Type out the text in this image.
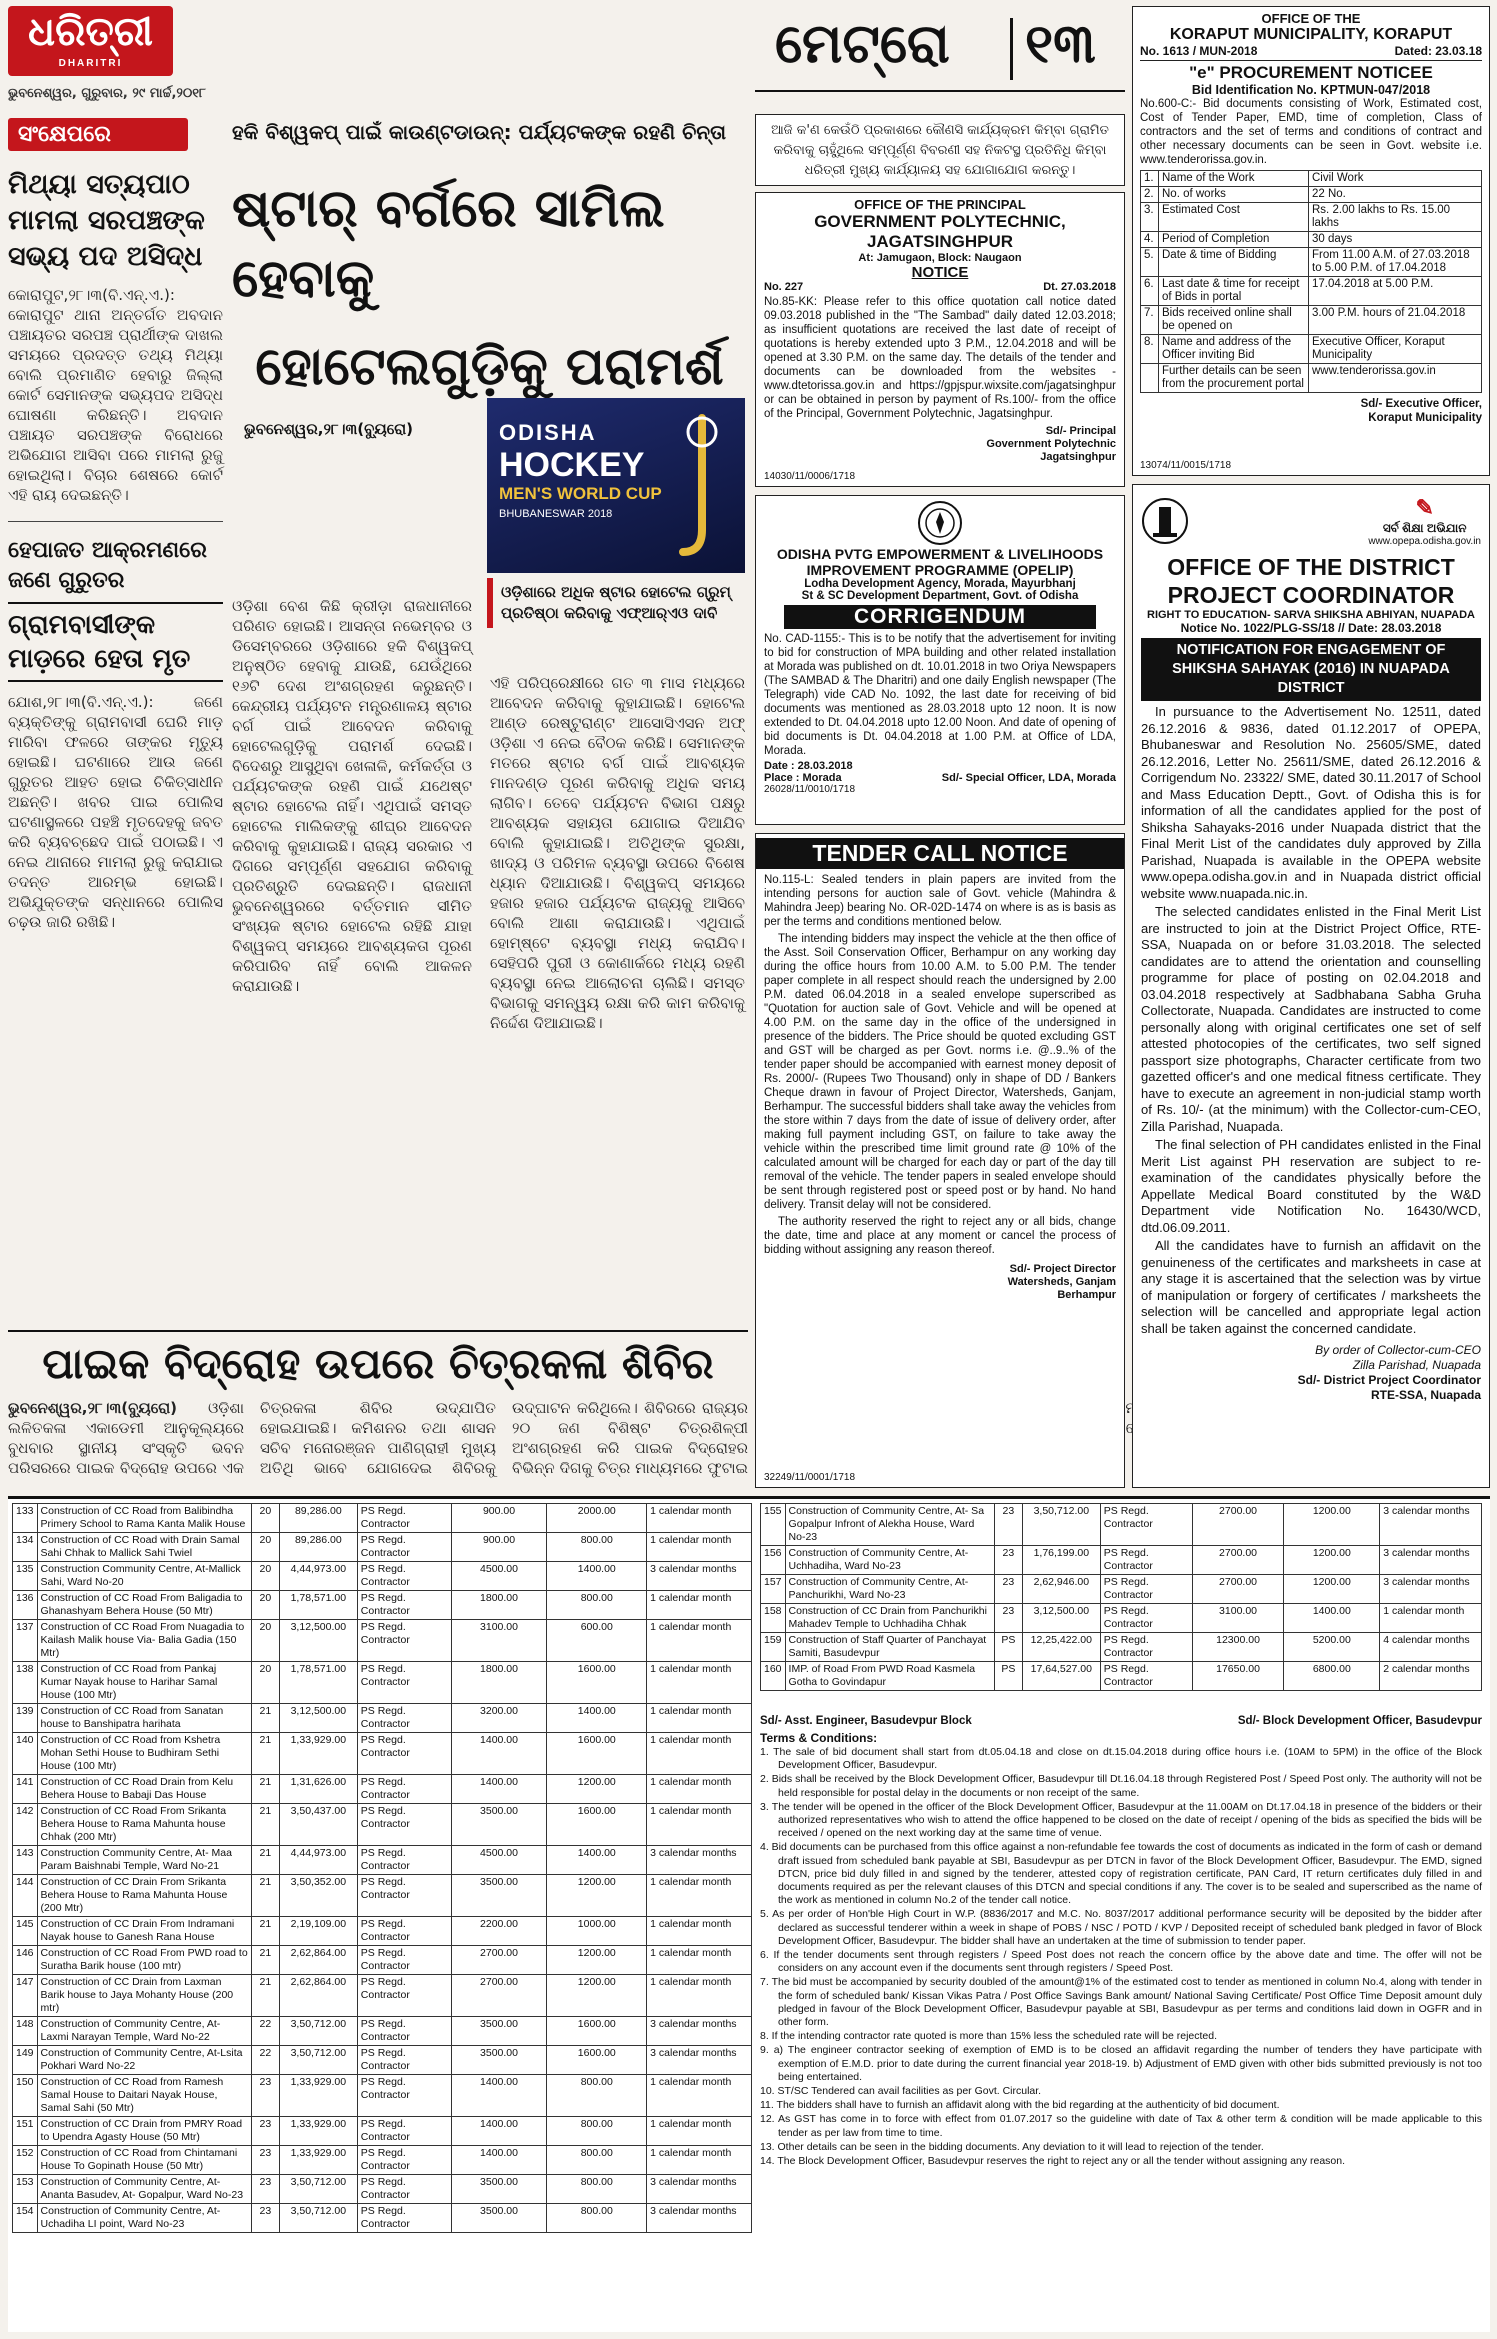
ଧରିତ୍ରୀ
DHARITRI
ଭୁବନେଶ୍ୱର, ଗୁରୁବାର, ୨୯ ମାର୍ଚ୍ଚ,୨୦୧୮
ମେଟ୍ରୋ ୧୩
ଆଜି କ'ଣ କେଉଁଠି ପ୍ରକାଶରେ କୌଣସି କାର୍ଯ୍ୟକ୍ରମ କିମ୍ବା ଗ୍ରାମିତ କରିବାକୁ ଚାହୁଁଥିଲେ ସମ୍ପୂର୍ଣ୍ଣ ବିବରଣୀ ସହ ନିକଟସ୍ଥ ପ୍ରତିନିଧି କିମ୍ବା ଧରିତ୍ରୀ ମୁଖ୍ୟ କାର୍ଯ୍ୟାଳୟ ସହ ଯୋଗାଯୋଗ କରନ୍ତୁ।
ସଂକ୍ଷେପରେ
ମିଥ୍ୟା ସତ୍ୟପାଠ ମାମଲା ସରପଞ୍ଚଙ୍କ ସଭ୍ୟ ପଦ ଅସିଦ୍ଧ
କୋରାପୁଟ,୨୮।୩(ବି.ଏନ୍.ଏ.): କୋରାପୁଟ ଥାନା ଅନ୍ତର୍ଗତ ଅବଦାନ ପଞ୍ଚାୟତର ସରପଞ୍ଚ ପ୍ରାର୍ଥୀଙ୍କ ଦାଖଲ ସମୟରେ ପ୍ରଦତ୍ତ ତଥ୍ୟ ମିଥ୍ୟା ବୋଲି ପ୍ରମାଣିତ ହେବାରୁ ଜିଲ୍ଲା କୋର୍ଟ ସେମାନଙ୍କ ସଭ୍ୟପଦ ଅସିଦ୍ଧ ଘୋଷଣା କରିଛନ୍ତି। ଅବଦାନ ପଞ୍ଚାୟତ ସରପଞ୍ଚଙ୍କ ବିରୋଧରେ ଅଭିଯୋଗ ଆସିବା ପରେ ମାମଲା ରୁଜୁ ହୋଇଥିଲା। ବିଚାର ଶେଷରେ କୋର୍ଟ ଏହି ରାୟ ଦେଇଛନ୍ତି।
ହେପାଜତ ଆକ୍ରମଣରେ ଜଣେ ଗୁରୁତର
ଗ୍ରାମବାସୀଙ୍କ ମାଡ଼ରେ ହେତା ମୃତ
ଯୋଶ,୨୮।୩(ବି.ଏନ୍.ଏ.): ଜଣେ ବ୍ୟକ୍ତିଙ୍କୁ ଗ୍ରାମବାସୀ ଘେରି ମାଡ଼ ମାରିବା ଫଳରେ ତାଙ୍କର ମୃତ୍ୟୁ ହୋଇଛି। ଘଟଣାରେ ଆଉ ଜଣେ ଗୁରୁତର ଆହତ ହୋଇ ଚିକିତ୍ସାଧୀନ ଅଛନ୍ତି। ଖବର ପାଇ ପୋଲିସ ଘଟଣାସ୍ଥଳରେ ପହଞ୍ଚି ମୃତଦେହକୁ ଜବତ କରି ବ୍ୟବଚ୍ଛେଦ ପାଇଁ ପଠାଇଛି। ଏ ନେଇ ଥାନାରେ ମାମଲା ରୁଜୁ କରାଯାଇ ତଦନ୍ତ ଆରମ୍ଭ ହୋଇଛି। ଅଭିଯୁକ୍ତଙ୍କ ସନ୍ଧାନରେ ପୋଲିସ ଚଢ଼ଉ ଜାରି ରଖିଛି।
ହକି ବିଶ୍ୱକପ୍ ପାଇଁ କାଉଣ୍ଟଡାଉନ୍: ପର୍ଯ୍ୟଟକଙ୍କ ରହଣି ଚିନ୍ତା
ଷ୍ଟାର୍ ବର୍ଗରେ ସାମିଲ ହେବାକୁ
ହୋଟେଲଗୁଡ଼ିକୁ ପରାମର୍ଶ
ଭୁବନେଶ୍ୱର,୨୮।୩(ବ୍ୟୁରୋ)
ଓଡ଼ିଶା ବେଶ କିଛି କ୍ରୀଡ଼ା ରାଜଧାନୀରେ ପରିଣତ ହୋଇଛି। ଆସନ୍ତା ନଭେମ୍ବର ଓ ଡିସେମ୍ବରରେ ଓଡ଼ିଶାରେ ହକି ବିଶ୍ୱକପ୍ ଅନୁଷ୍ଠିତ ହେବାକୁ ଯାଉଛି, ଯେଉଁଥିରେ ୧୬ଟି ଦେଶ ଅଂଶଗ୍ରହଣ କରୁଛନ୍ତି। କେନ୍ଦ୍ରୀୟ ପର୍ଯ୍ୟଟନ ମନ୍ତ୍ରଣାଳୟ ଷ୍ଟାର ବର୍ଗ ପାଇଁ ଆବେଦନ କରିବାକୁ ହୋଟେଲଗୁଡ଼ିକୁ ପରାମର୍ଶ ଦେଇଛି। ବିଦେଶରୁ ଆସୁଥିବା ଖେଳାଳି, କର୍ମକର୍ତ୍ତା ଓ ପର୍ଯ୍ୟଟକଙ୍କ ରହଣି ପାଇଁ ଯଥେଷ୍ଟ ଷ୍ଟାର ହୋଟେଲ ନାହିଁ। ଏଥିପାଇଁ ସମସ୍ତ ହୋଟେଲ ମାଲିକଙ୍କୁ ଶୀଘ୍ର ଆବେଦନ କରିବାକୁ କୁହାଯାଇଛି। ରାଜ୍ୟ ସରକାର ଏ ଦିଗରେ ସମ୍ପୂର୍ଣ୍ଣ ସହଯୋଗ କରିବାକୁ ପ୍ରତିଶ୍ରୁତି ଦେଇଛନ୍ତି। ରାଜଧାନୀ ଭୁବନେଶ୍ୱରରେ ବର୍ତ୍ତମାନ ସୀମିତ ସଂଖ୍ୟକ ଷ୍ଟାର ହୋଟେଲ ରହିଛି ଯାହା ବିଶ୍ୱକପ୍ ସମୟରେ ଆବଶ୍ୟକତା ପୂରଣ କରିପାରିବ ନାହିଁ ବୋଲି ଆକଳନ କରାଯାଉଛି।
ODISHA
HOCKEY
MEN'S WORLD CUP
BHUBANESWAR 2018
ଓଡ଼ିଶାରେ ଅଧିକ ଷ୍ଟାର ହୋଟେଲ ଗ୍ରୁମ୍ ପ୍ରତିଷ୍ଠା କରିବାକୁ ଏଫ୍‌ଆର୍‌ଏଓ ଦାବି
ଏହି ପରିପ୍ରେକ୍ଷୀରେ ଗତ ୩ ମାସ ମଧ୍ୟରେ ଆବେଦନ କରିବାକୁ କୁହାଯାଇଛି। ହୋଟେଲ ଆଣ୍ଡ ରେଷ୍ଟୁରାଣ୍ଟ ଆସୋସିଏସନ ଅଫ୍ ଓଡ଼ିଶା ଏ ନେଇ ବୈଠକ କରିଛି। ସେମାନଙ୍କ ମତରେ ଷ୍ଟାର ବର୍ଗ ପାଇଁ ଆବଶ୍ୟକ ମାନଦଣ୍ଡ ପୂରଣ କରିବାକୁ ଅଧିକ ସମୟ ଲାଗିବ। ତେବେ ପର୍ଯ୍ୟଟନ ବିଭାଗ ପକ୍ଷରୁ ଆବଶ୍ୟକ ସହାୟତା ଯୋଗାଇ ଦିଆଯିବ ବୋଲି କୁହାଯାଇଛି। ଅତିଥିଙ୍କ ସୁରକ୍ଷା, ଖାଦ୍ୟ ଓ ପରିମଳ ବ୍ୟବସ୍ଥା ଉପରେ ବିଶେଷ ଧ୍ୟାନ ଦିଆଯାଉଛି। ବିଶ୍ୱକପ୍ ସମୟରେ ହଜାର ହଜାର ପର୍ଯ୍ୟଟକ ରାଜ୍ୟକୁ ଆସିବେ ବୋଲି ଆଶା କରାଯାଉଛି। ଏଥିପାଇଁ ହୋମ୍‌ଷ୍ଟେ ବ୍ୟବସ୍ଥା ମଧ୍ୟ କରାଯିବ। ସେହିପରି ପୁରୀ ଓ କୋଣାର୍କରେ ମଧ୍ୟ ରହଣି ବ୍ୟବସ୍ଥା ନେଇ ଆଲୋଚନା ଚାଲିଛି। ସମସ୍ତ ବିଭାଗକୁ ସମନ୍ୱୟ ରକ୍ଷା କରି କାମ କରିବାକୁ ନିର୍ଦ୍ଦେଶ ଦିଆଯାଇଛି।
ପାଇକ ବିଦ୍ରୋହ ଉପରେ ଚିତ୍ରକଳା ଶିବିର
ଭୁବନେଶ୍ୱର,୨୮।୩(ବ୍ୟୁରୋ) ଓଡ଼ିଶା ଲଳିତକଳା ଏକାଡେମୀ ଆନୁକୂଲ୍ୟରେ ବୁଧବାର ସ୍ଥାନୀୟ ସଂସ୍କୃତି ଭବନ ପରିସରରେ ପାଇକ ବିଦ୍ରୋହ ଉପରେ ଏକ ଚିତ୍ରକଳା ଶିବିର ଉଦ୍‌ଯାପିତ ହୋଇଯାଇଛି। କମିଶନର ତଥା ଶାସନ ସଚିବ ମନୋରଞ୍ଜନ ପାଣିଗ୍ରାହୀ ମୁଖ୍ୟ ଅତିଥି ଭାବେ ଯୋଗଦେଇ ଶିବିରକୁ ଉଦ୍‌ଘାଟନ କରିଥିଲେ। ଶିବିରରେ ରାଜ୍ୟର ୨୦ ଜଣ ବିଶିଷ୍ଟ ଚିତ୍ରଶିଳ୍ପୀ ଅଂଶଗ୍ରହଣ କରି ପାଇକ ବିଦ୍ରୋହର ବିଭିନ୍ନ ଦିଗକୁ ଚିତ୍ର ମାଧ୍ୟମରେ ଫୁଟାଇ
OFFICE OF THE PRINCIPAL
GOVERNMENT POLYTECHNIC,
JAGATSINGHPUR
At: Jamugaon, Block: Naugaon
NOTICE
No. 227	Dt. 27.03.2018
No.85-KK: Please refer to this office quotation call notice dated 09.03.2018 published in the "The Sambad" daily dated 12.03.2018; as insufficient quotations are received the last date of receipt of quotations is hereby extended upto 3 P.M., 12.04.2018 and will be opened at 3.30 P.M. on the same day. The details of the tender and documents can be downloaded from the websites - www.dtetorissa.gov.in and https://gpjspur.wixsite.com/jagatsinghpur or can be obtained in person by payment of Rs.100/- from the office of the Principal, Government Polytechnic, Jagatsinghpur.
Sd/- Principal
Government Polytechnic
Jagatsinghpur
14030/11/0006/1718
ODISHA PVTG EMPOWERMENT & LIVELIHOODS
IMPROVEMENT PROGRAMME (OPELIP)
Lodha Development Agency, Morada, Mayurbhanj
St & SC Development Department, Govt. of Odisha
CORRIGENDUM
No. CAD-1155:- This is to be notify that the advertisement for inviting to bid for construction of MPA building and other related installation at Morada was published on dt. 10.01.2018 in two Oriya Newspapers (The SAMBAD & The Dharitri) and one daily English newspaper (The Telegraph) vide CAD No. 1092, the last date for receiving of bid documents was mentioned as 28.03.2018 upto 12 noon. It is now extended to Dt. 04.04.2018 upto 12.00 Noon. And date of opening of bid documents is Dt. 04.04.2018 at 1.00 P.M. at Office of LDA, Morada.
Date : 28.03.2018
Place : Morada	Sd/- Special Officer, LDA, Morada
26028/11/0010/1718
TENDER CALL NOTICE
No.115-L: Sealed tenders in plain papers are invited from the intending persons for auction sale of Govt. vehicle (Mahindra & Mahindra Jeep) bearing No. OR-02D-1474 on where is as is basis as per the terms and conditions mentioned below.
The intending bidders may inspect the vehicle at the then office of the Asst. Soil Conservation Officer, Berhampur on any working day during the office hours from 10.00 A.M. to 5.00 P.M. The tender paper complete in all respect should reach the undersigned by 2.00 P.M. dated 06.04.2018 in a sealed envelope superscribed as "Quotation for auction sale of Govt. Vehicle and will be opened at 4.00 P.M. on the same day in the office of the undersigned in presence of the bidders. The Price should be quoted excluding GST and GST will be charged as per Govt. norms i.e. @..9..% of the tender paper should be accompanied with earnest money deposit of Rs. 2000/- (Rupees Two Thousand) only in shape of DD / Bankers Cheque drawn in favour of Project Director, Watersheds, Ganjam, Berhampur. The successful bidders shall take away the vehicles from the store within 7 days from the date of issue of delivery order, after making full payment including GST, on failure to take away the vehicle within the prescribed time limit ground rate @ 10% of the calculated amount will be charged for each day or part of the day till removal of the vehicle. The tender papers in sealed envelope should be sent through registered post or speed post or by hand. No hand delivery. Transit delay will not be considered.
The authority reserved the right to reject any or all bids, change the date, time and place at any moment or cancel the process of bidding without assigning any reason thereof.
Sd/- Project Director
Watersheds, Ganjam
Berhampur
32249/11/0001/1718
OFFICE OF THE
KORAPUT MUNICIPALITY, KORAPUT
No. 1613 / MUN-2018	Dated: 23.03.18
"e" PROCUREMENT NOTICEE
Bid Identification No. KPTMUN-047/2018
No.600-C:- Bid documents consisting of Work, Estimated cost, Cost of Tender Paper, EMD, time of completion, Class of contractors and the set of terms and conditions of contract and other necessary documents can be seen in Govt. website i.e. www.tenderorissa.gov.in.
1.	Name of the Work	Civil Work
2.	No. of works	22 No.
3.	Estimated Cost	Rs. 2.00 lakhs to Rs. 15.00 lakhs
4.	Period of Completion	30 days
5.	Date & time of Bidding	From 11.00 A.M. of 27.03.2018 to 5.00 P.M. of 17.04.2018
6.	Last date & time for receipt of Bids in portal	17.04.2018 at 5.00 P.M.
7.	Bids received online shall be opened on	3.00 P.M. hours of 21.04.2018
8.	Name and address of the Officer inviting Bid	Executive Officer, Koraput Municipality
	Further details can be seen from the procurement portal	www.tenderorissa.gov.in
Sd/- Executive Officer,
Koraput Municipality
13074/11/0015/1718
✎
ସର୍ବ ଶିକ୍ଷା ଅଭିଯାନ
www.opepa.odisha.gov.in
OFFICE OF THE DISTRICT
PROJECT COORDINATOR
RIGHT TO EDUCATION- SARVA SHIKSHA ABHIYAN, NUAPADA
Notice No. 1022/PLG-SS/18 // Date: 28.03.2018
NOTIFICATION FOR ENGAGEMENT OF SHIKSHA SAHAYAK (2016) IN NUAPADA DISTRICT
In pursuance to the Advertisement No. 12511, dated 26.12.2016 & 9836, dated 01.12.2017 of OPEPA, Bhubaneswar and Resolution No. 25605/SME, dated 26.12.2016, Letter No. 25611/SME, dated 26.12.2016 & Corrigendum No. 23322/ SME, dated 30.11.2017 of School and Mass Education Deptt., Govt. of Odisha this is for information of all the candidates applied for the post of Shiksha Sahayaks-2016 under Nuapada district that the Final Merit List of the candidates duly approved by Zilla Parishad, Nuapada is available in the OPEPA website www.opepa.odisha.gov.in and in Nuapada district official website www.nuapada.nic.in.
The selected candidates enlisted in the Final Merit List are instructed to join at the District Project Office, RTE-SSA, Nuapada on or before 31.03.2018. The selected candidates are to attend the orientation and counselling programme for place of posting on 02.04.2018 and 03.04.2018 respectively at Sadbhabana Sabha Gruha Collectorate, Nuapada. Candidates are instructed to come personally along with original certificates one set of self attested photocopies of the certificates, two self signed passport size photographs, Character certificate from two gazetted officer's and one medical fitness certificate. They have to execute an agreement in non-judicial stamp worth of Rs. 10/- (at the minimum) with the Collector-cum-CEO, Zilla Parishad, Nuapada.
The final selection of PH candidates enlisted in the Final Merit List against PH reservation are subject to re-examination of the candidates physically before the Appellate Medical Board constituted by the W&D Department vide Notification No. 16430/WCD, dtd.06.09.2011.
All the candidates have to furnish an affidavit on the genuineness of the certificates and marksheets in case at any stage it is ascertained that the selection was by virtue of manipulation or forgery of certificates / marksheets the selection will be cancelled and appropriate legal action shall be taken against the concerned candidate.
By order of Collector-cum-CEO
Zilla Parishad, Nuapada
Sd/- District Project Coordinator
RTE-SSA, Nuapada
133	Construction of CC Road from Balibindha Primery School to Rama Kanta Malik House	20	89,286.00	PS Regd. Contractor	900.00	2000.00	1 calendar month
134	Construction of CC Road with Drain Samal Sahi Chhak to Mallick Sahi Twiel	20	89,286.00	PS Regd. Contractor	900.00	800.00	1 calendar month
135	Construction Community Centre, At-Mallick Sahi, Ward No-20	20	4,44,973.00	PS Regd. Contractor	4500.00	1400.00	3 calendar months
136	Construction of CC Road From Baligadia to Ghanashyam Behera House (50 Mtr)	20	1,78,571.00	PS Regd. Contractor	1800.00	800.00	1 calendar month
137	Construction of CC Road From Nuagadia to Kailash Malik house Via- Balia Gadia (150 Mtr)	20	3,12,500.00	PS Regd. Contractor	3100.00	600.00	1 calendar month
138	Construction of CC Road from Pankaj Kumar Nayak house to Harihar Samal House (100 Mtr)	20	1,78,571.00	PS Regd. Contractor	1800.00	1600.00	1 calendar month
139	Construction of CC Road from Sanatan house to Banshipatra harihata	21	3,12,500.00	PS Regd. Contractor	3200.00	1400.00	1 calendar month
140	Construction of CC Road from Kshetra Mohan Sethi House to Budhiram Sethi House (100 Mtr)	21	1,33,929.00	PS Regd. Contractor	1400.00	1600.00	1 calendar month
141	Construction of CC Road Drain from Kelu Behera House to Babaji Das House	21	1,31,626.00	PS Regd. Contractor	1400.00	1200.00	1 calendar month
142	Construction of CC Road From Srikanta Behera House to Rama Mahunta house Chhak (200 Mtr)	21	3,50,437.00	PS Regd. Contractor	3500.00	1600.00	1 calendar month
143	Construction Community Centre, At- Maa Param Baishnabi Temple, Ward No-21	21	4,44,973.00	PS Regd. Contractor	4500.00	1400.00	3 calendar months
144	Construction of CC Drain From Srikanta Behera House to Rama Mahunta House (200 Mtr)	21	3,50,352.00	PS Regd. Contractor	3500.00	1200.00	1 calendar month
145	Construction of CC Drain From Indramani Nayak house to Ganesh Rana House	21	2,19,109.00	PS Regd. Contractor	2200.00	1000.00	1 calendar month
146	Construction of CC Road From PWD road to Suratha Barik house (100 mtr)	21	2,62,864.00	PS Regd. Contractor	2700.00	1200.00	1 calendar month
147	Construction of CC Drain from Laxman Barik house to Jaya Mohanty House (200 mtr)	21	2,62,864.00	PS Regd. Contractor	2700.00	1200.00	1 calendar month
148	Construction of Community Centre, At-Laxmi Narayan Temple, Ward No-22	22	3,50,712.00	PS Regd. Contractor	3500.00	1600.00	3 calendar months
149	Construction of Community Centre, At-Lsita Pokhari Ward No-22	22	3,50,712.00	PS Regd. Contractor	3500.00	1600.00	3 calendar months
150	Construction of CC Road from Ramesh Samal House to Daitari Nayak House, Samal Sahi (50 Mtr)	23	1,33,929.00	PS Regd. Contractor	1400.00	800.00	1 calendar month
151	Construction of CC Drain from PMRY Road to Upendra Agasty House (50 Mtr)	23	1,33,929.00	PS Regd. Contractor	1400.00	800.00	1 calendar month
152	Construction of CC Road from Chintamani House To Gopinath House (50 Mtr)	23	1,33,929.00	PS Regd. Contractor	1400.00	800.00	1 calendar month
153	Construction of Community Centre, At-Ananta Basudev, At- Gopalpur, Ward No-23	23	3,50,712.00	PS Regd. Contractor	3500.00	800.00	3 calendar months
154	Construction of Community Centre, At-Uchadiha LI point, Ward No-23	23	3,50,712.00	PS Regd. Contractor	3500.00	800.00	3 calendar months
155	Construction of Community Centre, At- Sa Gopalpur Infront of Alekha House, Ward No-23	23	3,50,712.00	PS Regd. Contractor	2700.00	1200.00	3 calendar months
156	Construction of Community Centre, At-Uchhadiha, Ward No-23	23	1,76,199.00	PS Regd. Contractor	2700.00	1200.00	3 calendar months
157	Construction of Community Centre, At-Panchurikhi, Ward No-23	23	2,62,946.00	PS Regd. Contractor	2700.00	1200.00	3 calendar months
158	Construction of CC Drain from Panchurikhi Mahadev Temple to Uchhadiha Chhak	23	3,12,500.00	PS Regd. Contractor	3100.00	1400.00	1 calendar month
159	Construction of Staff Quarter of Panchayat Samiti, Basudevpur	PS	12,25,422.00	PS Regd. Contractor	12300.00	5200.00	4 calendar months
160	IMP. of Road From PWD Road Kasmela Gotha to Govindapur	PS	17,64,527.00	PS Regd. Contractor	17650.00	6800.00	2 calendar months
Sd/- Asst. Engineer, Basudevpur Block	Sd/- Block Development Officer, Basudevpur
Terms & Conditions:
1. The sale of bid document shall start from dt.05.04.18 and close on dt.15.04.2018 during office hours i.e. (10AM to 5PM) in the office of the Block Development Officer, Basudevpur.
2. Bids shall be received by the Block Development Officer, Basudevpur till Dt.16.04.18 through Registered Post / Speed Post only. The authority will not be held responsible for postal delay in the documents or non receipt of the same.
3. The tender will be opened in the officer of the Block Development Officer, Basudevpur at the 11.00AM on Dt.17.04.18 in presence of the bidders or their authorized representatives who wish to attend the office happened to be closed on the date of receipt / opening of the bids as specified the bids will be received / opened on the next working day at the same time of venue.
4. Bid documents can be purchased from this office against a non-refundable fee towards the cost of documents as indicated in the form of cash or demand draft issued from scheduled bank payable at SBI, Basudevpur as per DTCN in favor of the Block Development Officer, Basudevpur. The EMD, signed DTCN, price bid duly filled in and signed by the tenderer, attested copy of registration certificate, PAN Card, IT return certificates duly filled in and documents required as per the relevant clauses of this DTCN and special conditions if any. The cover is to be sealed and superscribed as the name of the work as mentioned in column No.2 of the tender call notice.
5. As per order of Hon'ble High Court in W.P. (8836/2017 and M.C. No. 8037/2017 additional performance security will be deposited by the bidder after declared as successful tenderer within a week in shape of POBS / NSC / POTD / KVP / Deposited receipt of scheduled bank pledged in favor of Block Development Officer, Basudevpur. The bidder shall have an undertaken at the time of submission to tender paper.
6. If the tender documents sent through registers / Speed Post does not reach the concern office by the above date and time. The offer will not be considers on any account even if the documents sent through registers / Speed Post.
7. The bid must be accompanied by security doubled of the amount@1% of the estimated cost to tender as mentioned in column No.4, along with tender in the form of scheduled bank/ Kissan Vikas Patra / Post Office Savings Bank amount/ National Saving Certificate/ Post Office Time Deposit amount duly pledged in favour of the Block Development Officer, Basudevpur payable at SBI, Basudevpur as per terms and conditions laid down in OGFR and in other form.
8. If the intending contractor rate quoted is more than 15% less the scheduled rate will be rejected.
9. a) The engineer contractor seeking of exemption of EMD is to be closed an affidavit regarding the number of tenders they have participate with exemption of E.M.D. prior to date during the current financial year 2018-19. b) Adjustment of EMD given with other bids submitted previously is not too being entertained.
10. ST/SC Tendered can avail facilities as per Govt. Circular.
11. The bidders shall have to furnish an affidavit along with the bid regarding at the authenticity of bid document.
12. As GST has come in to force with effect from 01.07.2017 so the guideline with date of Tax & other term & condition will be made applicable to this tender as per law from time to time.
13. Other details can be seen in the bidding documents. Any deviation to it will lead to rejection of the tender.
14. The Block Development Officer, Basudevpur reserves the right to reject any or all the tender without assigning any reason.
